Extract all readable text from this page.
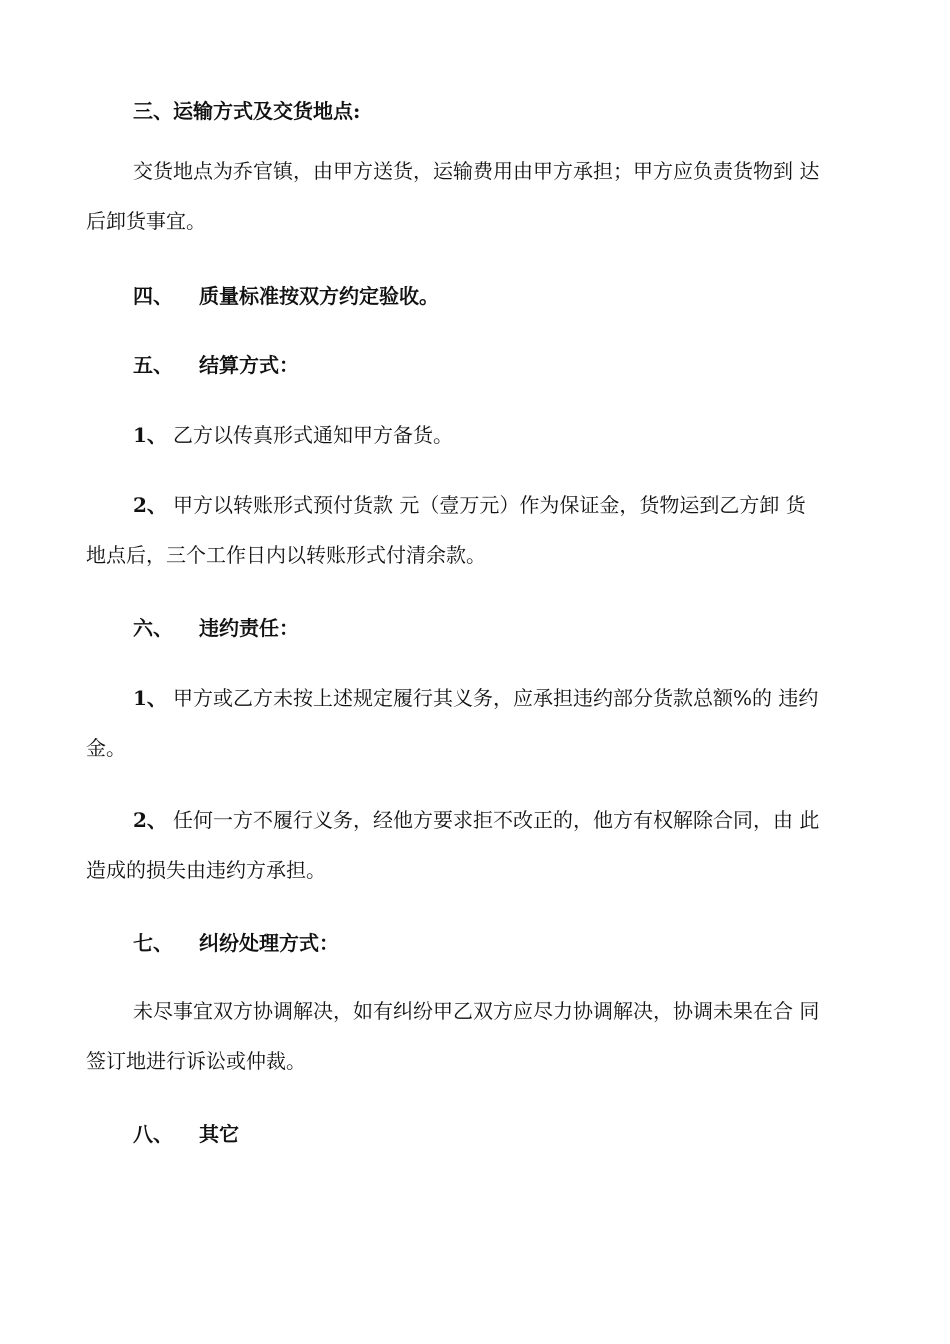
三、运输方式及交货地点:
交货地点为乔官镇，由甲方送货，运输费用由甲方承担；甲方应负责货物到 达
后卸货事宜。
四、 质量标准按双方约定验收。
五、 结算方式：
1、 乙方以传真形式通知甲方备货。
2、 甲方以转账形式预付货款 元（壹万元）作为保证金，货物运到乙方卸 货
地点后，三个工作日内以转账形式付清余款。
六、 违约责任：
1、 甲方或乙方未按上述规定履行其义务，应承担违约部分货款总额%的 违约
金。
2、 任何一方不履行义务，经他方要求拒不改正的，他方有权解除合同，由 此
造成的损失由违约方承担。
七、 纠纷处理方式：
未尽事宜双方协调解决，如有纠纷甲乙双方应尽力协调解决，协调未果在合 同
签订地进行诉讼或仲裁。
八、 其它
